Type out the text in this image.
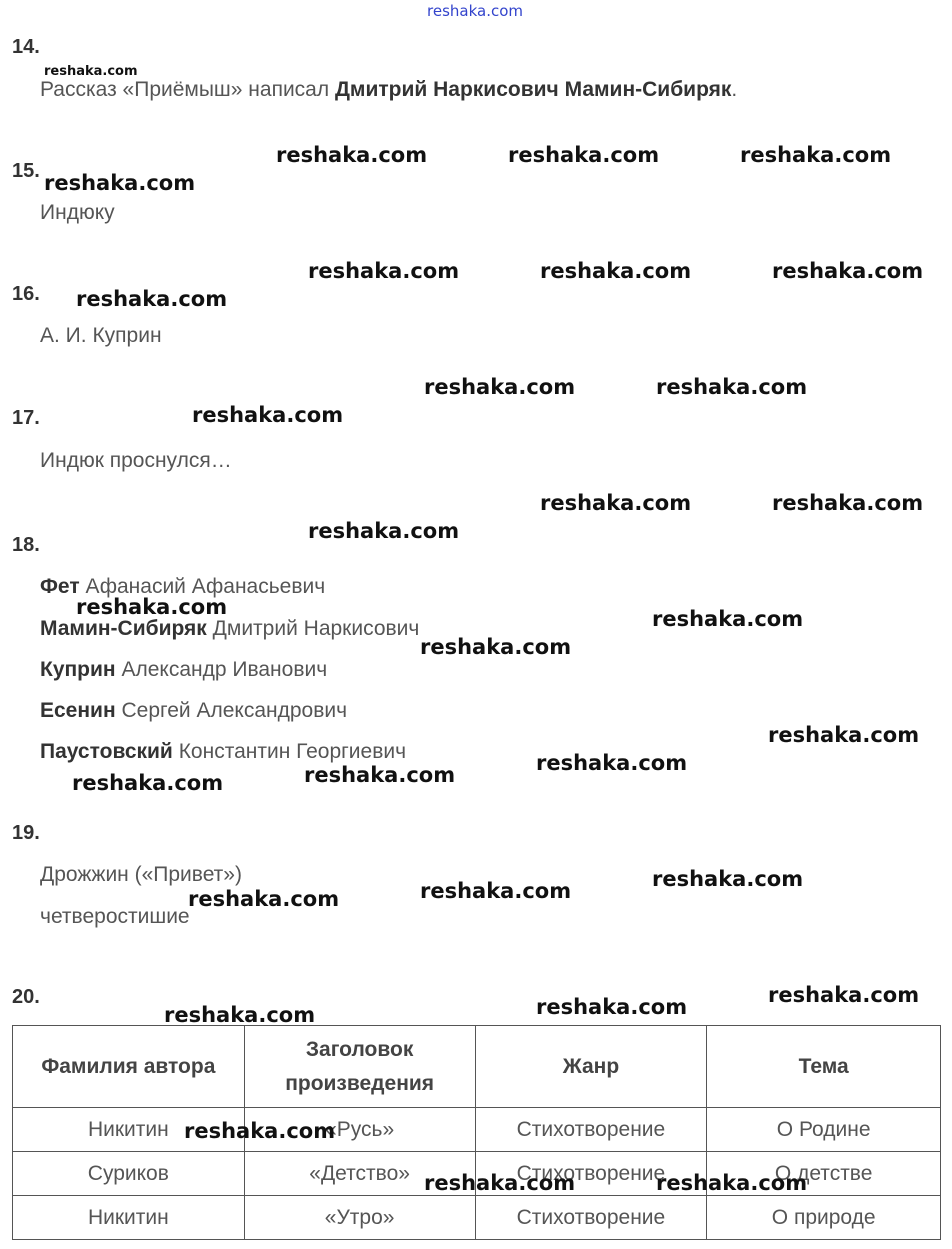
reshaka.com
14.
reshaka.com
Рассказ «Приёмыш» написал Дмитрий Наркисович Мамин-Сибиряк.
15.
Индюку
16.
А. И. Куприн
17.
Индюк проснулся…
18.
Фет Афанасий Афанасьевич
Мамин-Сибиряк Дмитрий Наркисович
Куприн Александр Иванович
Есенин Сергей Александрович
Паустовский Константин Георгиевич
19.
Дрожжин («Привет»)
четверостишие
20.
Фамилия автора	Заголовок произведения	Жанр	Тема
Никитин	«Русь»	Стихотворение	О Родине
Суриков	«Детство»	Стихотворение	О детстве
Никитин	«Утро»	Стихотворение	О природе
reshaka.com	reshaka.com	reshaka.com
reshaka.com
reshaka.com	reshaka.com	reshaka.com
reshaka.com
reshaka.com	reshaka.com
reshaka.com
reshaka.com	reshaka.com
reshaka.com
reshaka.com	reshaka.com
reshaka.com
reshaka.com
reshaka.com
reshaka.com
reshaka.com
reshaka.com
reshaka.com
reshaka.com
reshaka.com
reshaka.com
reshaka.com
reshaka.com
reshaka.com	reshaka.com
